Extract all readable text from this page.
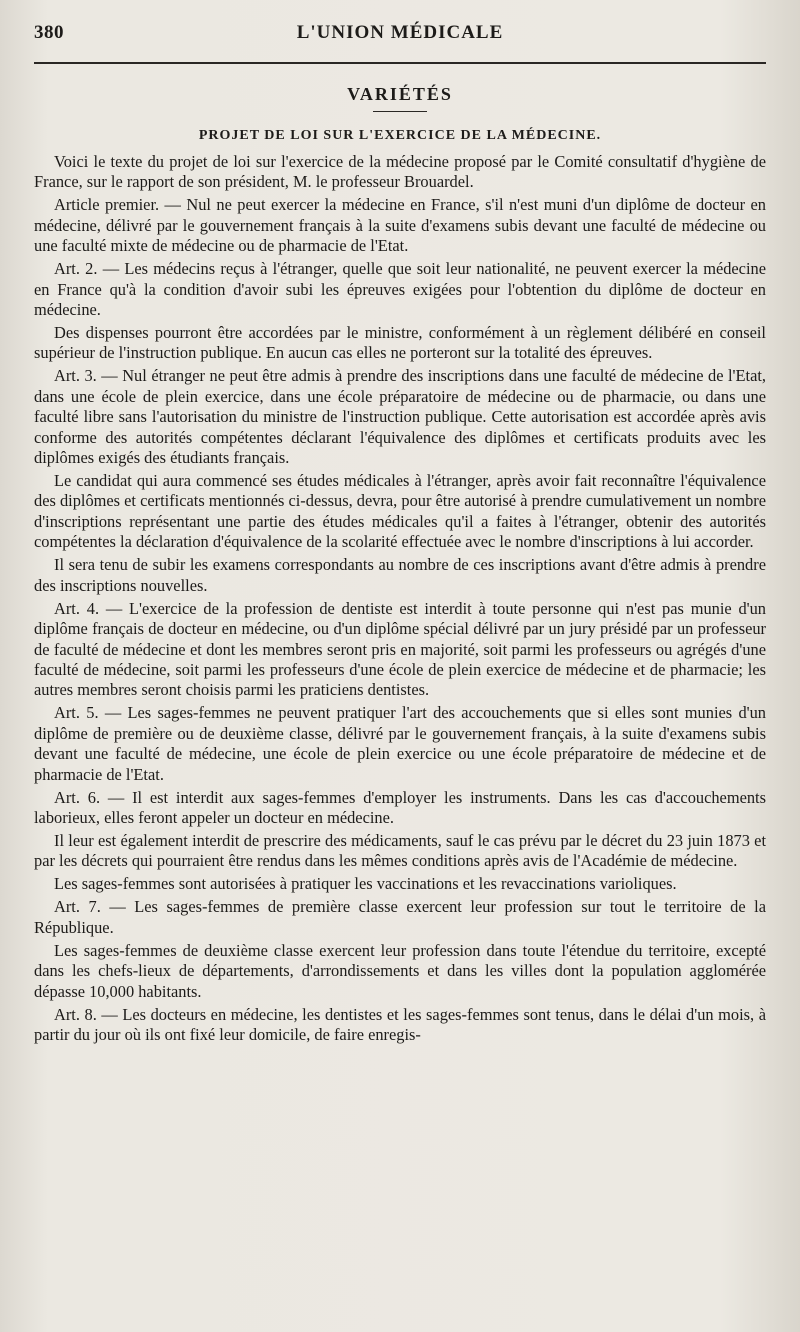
380	L'UNION MÉDICALE
VARIÉTÉS
PROJET DE LOI SUR L'EXERCICE DE LA MÉDECINE.

Voici le texte du projet de loi sur l'exercice de la médecine proposé par le Comité consultatif d'hygiène de France, sur le rapport de son président, M. le professeur Brouardel.

Article premier. — Nul ne peut exercer la médecine en France, s'il n'est muni d'un diplôme de docteur en médecine, délivré par le gouvernement français à la suite d'examens subis devant une faculté de médecine ou une faculté mixte de médecine ou de pharmacie de l'Etat.

Art. 2. — Les médecins reçus à l'étranger, quelle que soit leur nationalité, ne peuvent exercer la médecine en France qu'à la condition d'avoir subi les épreuves exigées pour l'obtention du diplôme de docteur en médecine.

Des dispenses pourront être accordées par le ministre, conformément à un règlement délibéré en conseil supérieur de l'instruction publique. En aucun cas elles ne porteront sur la totalité des épreuves.

Art. 3. — Nul étranger ne peut être admis à prendre des inscriptions dans une faculté de médecine de l'Etat, dans une école de plein exercice, dans une école préparatoire de médecine ou de pharmacie, ou dans une faculté libre sans l'autorisation du ministre de l'instruction publique. Cette autorisation est accordée après avis conforme des autorités compétentes déclarant l'équivalence des diplômes et certificats produits avec les diplômes exigés des étudiants français.

Le candidat qui aura commencé ses études médicales à l'étranger, après avoir fait reconnaître l'équivalence des diplômes et certificats mentionnés ci-dessus, devra, pour être autorisé à prendre cumulativement un nombre d'inscriptions représentant une partie des études médicales qu'il a faites à l'étranger, obtenir des autorités compétentes la déclaration d'équivalence de la scolarité effectuée avec le nombre d'inscriptions à lui accorder.

Il sera tenu de subir les examens correspondants au nombre de ces inscriptions avant d'être admis à prendre des inscriptions nouvelles.

Art. 4. — L'exercice de la profession de dentiste est interdit à toute personne qui n'est pas munie d'un diplôme français de docteur en médecine, ou d'un diplôme spécial délivré par un jury présidé par un professeur de faculté de médecine et dont les membres seront pris en majorité, soit parmi les professeurs ou agrégés d'une faculté de médecine, soit parmi les professeurs d'une école de plein exercice de médecine et de pharmacie; les autres membres seront choisis parmi les praticiens dentistes.

Art. 5. — Les sages-femmes ne peuvent pratiquer l'art des accouchements que si elles sont munies d'un diplôme de première ou de deuxième classe, délivré par le gouvernement français, à la suite d'examens subis devant une faculté de médecine, une école de plein exercice ou une école préparatoire de médecine et de pharmacie de l'Etat.

Art. 6. — Il est interdit aux sages-femmes d'employer les instruments. Dans les cas d'accouchements laborieux, elles feront appeler un docteur en médecine.

Il leur est également interdit de prescrire des médicaments, sauf le cas prévu par le décret du 23 juin 1873 et par les décrets qui pourraient être rendus dans les mêmes conditions après avis de l'Académie de médecine.

Les sages-femmes sont autorisées à pratiquer les vaccinations et les revaccinations varioliques.

Art. 7. — Les sages-femmes de première classe exercent leur profession sur tout le territoire de la République.

Les sages-femmes de deuxième classe exercent leur profession dans toute l'étendue du territoire, excepté dans les chefs-lieux de départements, d'arrondissements et dans les villes dont la population agglomérée dépasse 10,000 habitants.

Art. 8. — Les docteurs en médecine, les dentistes et les sages-femmes sont tenus, dans le délai d'un mois, à partir du jour où ils ont fixé leur domicile, de faire enregis-
